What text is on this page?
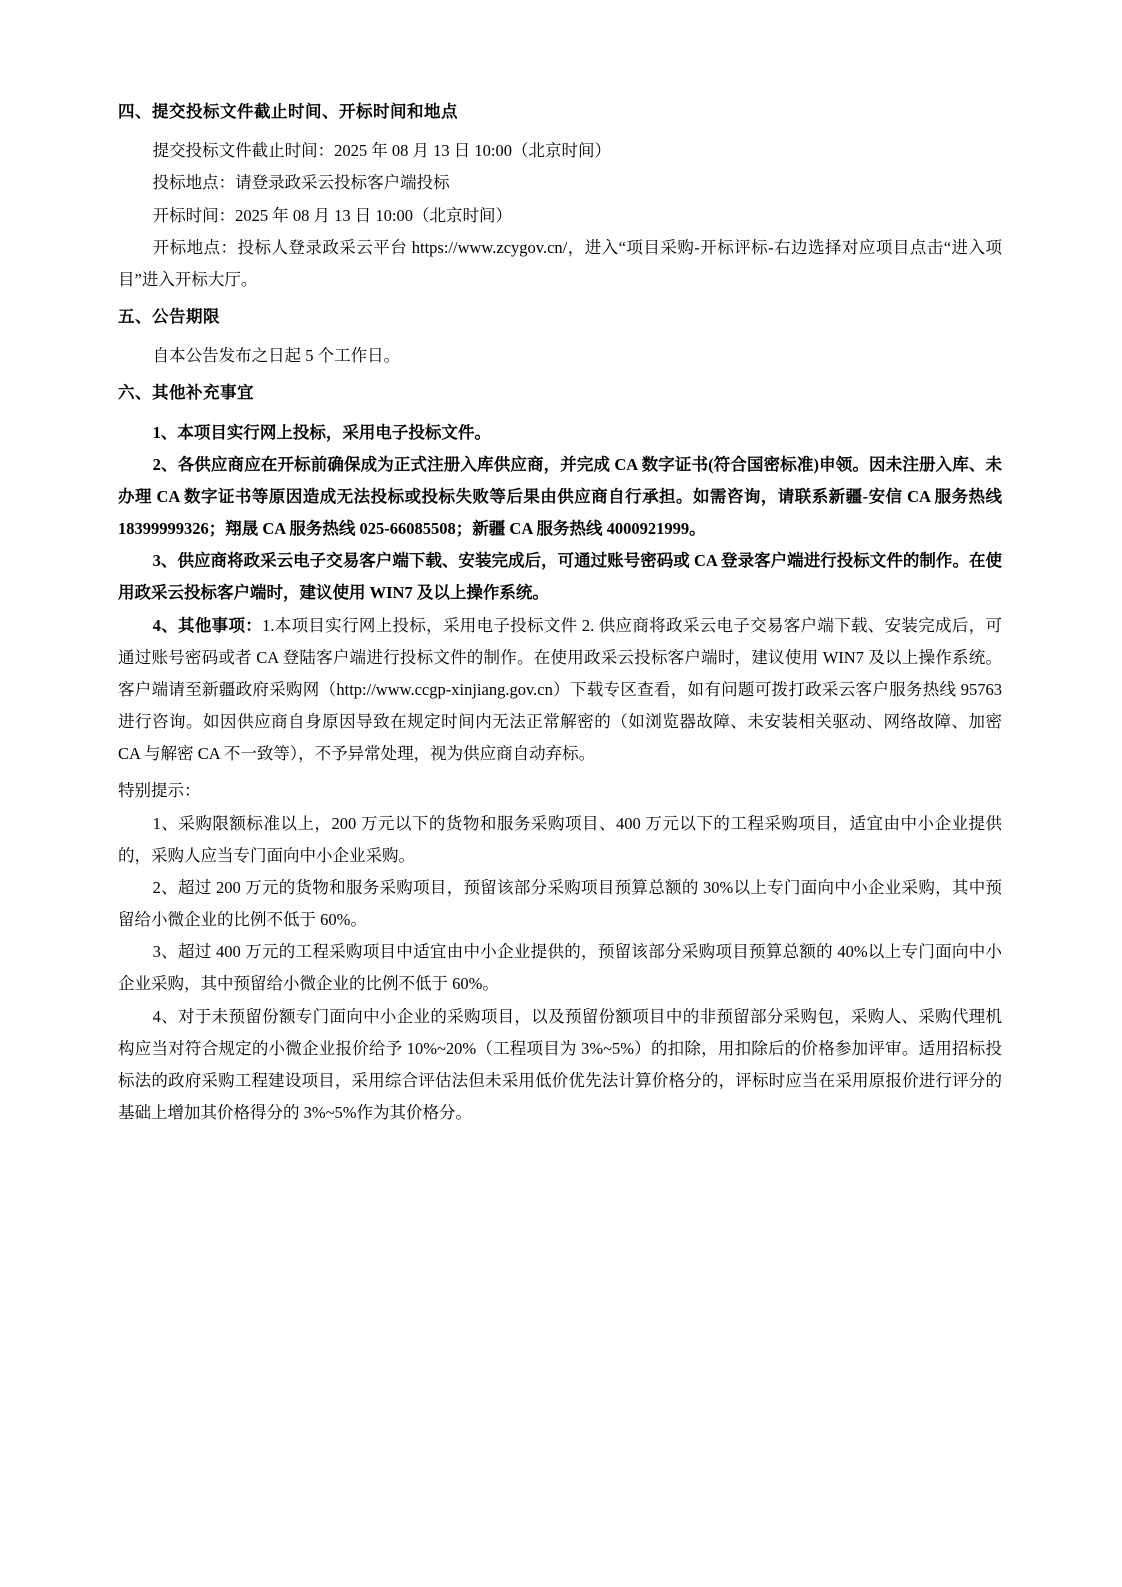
四、提交投标文件截止时间、开标时间和地点

提交投标文件截止时间：2025 年 08 月 13 日 10:00（北京时间）

投标地点：请登录政采云投标客户端投标

开标时间：2025 年 08 月 13 日 10:00（北京时间）

开标地点：投标人登录政采云平台 https://www.zcygov.cn/，进入“项目采购-开标评标-右边选择对应项目点击“进入项目”进入开标大厅。

五、公告期限

自本公告发布之日起 5 个工作日。

六、其他补充事宜

1、本项目实行网上投标，采用电子投标文件。

2、各供应商应在开标前确保成为正式注册入库供应商，并完成 CA 数字证书(符合国密标准)申领。因未注册入库、未办理 CA 数字证书等原因造成无法投标或投标失败等后果由供应商自行承担。如需咨询，请联系新疆-安信 CA 服务热线 18399999326；翔晟 CA 服务热线 025-66085508；新疆 CA 服务热线 4000921999。

3、供应商将政采云电子交易客户端下载、安装完成后，可通过账号密码或 CA 登录客户端进行投标文件的制作。在使用政采云投标客户端时，建议使用 WIN7 及以上操作系统。

4、其他事项：1.本项目实行网上投标，采用电子投标文件 2. 供应商将政采云电子交易客户端下载、安装完成后，可通过账号密码或者 CA 登陆客户端进行投标文件的制作。在使用政采云投标客户端时，建议使用 WIN7 及以上操作系统。客户端请至新疆政府采购网（http://www.ccgp-xinjiang.gov.cn）下载专区查看，如有问题可拨打政采云客户服务热线 95763 进行咨询。如因供应商自身原因导致在规定时间内无法正常解密的（如浏览器故障、未安装相关驱动、网络故障、加密 CA 与解密 CA 不一致等），不予异常处理，视为供应商自动弃标。

特别提示：

1、采购限额标准以上，200 万元以下的货物和服务采购项目、400 万元以下的工程采购项目，适宜由中小企业提供的，采购人应当专门面向中小企业采购。

2、超过 200 万元的货物和服务采购项目，预留该部分采购项目预算总额的 30%以上专门面向中小企业采购，其中预留给小微企业的比例不低于 60%。

3、超过 400 万元的工程采购项目中适宜由中小企业提供的，预留该部分采购项目预算总额的 40%以上专门面向中小企业采购，其中预留给小微企业的比例不低于 60%。

4、对于未预留份额专门面向中小企业的采购项目，以及预留份额项目中的非预留部分采购包，采购人、采购代理机构应当对符合规定的小微企业报价给予 10%~20%（工程项目为 3%~5%）的扣除，用扣除后的价格参加评审。适用招标投标法的政府采购工程建设项目，采用综合评估法但未采用低价优先法计算价格分的，评标时应当在采用原报价进行评分的基础上增加其价格得分的 3%~5%作为其价格分。
